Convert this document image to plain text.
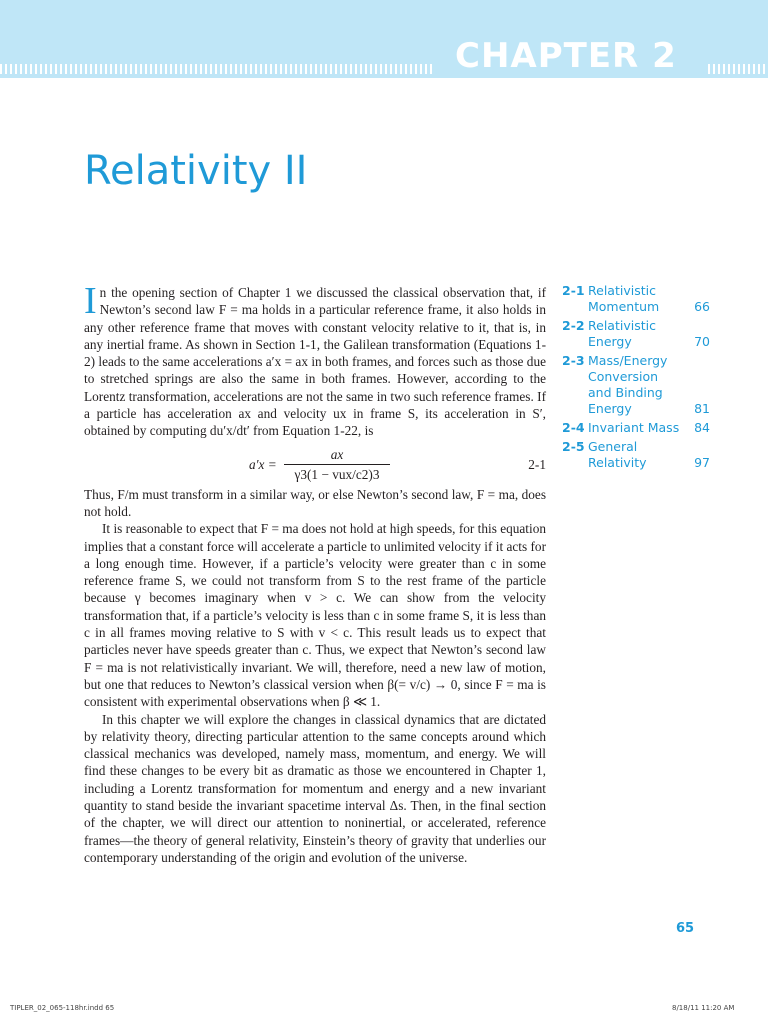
CHAPTER 2
Relativity II
2-1 Relativistic Momentum	66
2-2 Relativistic Energy	70
2-3 Mass/Energy Conversion and Binding Energy	81
2-4 Invariant Mass	84
2-5 General Relativity	97

In the opening section of Chapter 1 we discussed the classical observation that, if Newton’s second law F = ma holds in a particular reference frame, it also holds in any other reference frame that moves with constant velocity relative to it, that is, in any inertial frame. As shown in Section 1-1, the Galilean transformation (Equations 1-2) leads to the same accelerations a′x = ax in both frames, and forces such as those due to stretched springs are also the same in both frames. However, according to the Lorentz transformation, accelerations are not the same in two such reference frames. If a particle has acceleration ax and velocity ux in frame S, its acceleration in S′, obtained by computing du′x/dt′ from Equation 1-22, is

a′x =
ax
γ3(1 − vux/c2)3
2-1

Thus, F/m must transform in a similar way, or else Newton’s second law, F = ma, does not hold.

It is reasonable to expect that F = ma does not hold at high speeds, for this equation implies that a constant force will accelerate a particle to unlimited velocity if it acts for a long enough time. However, if a particle’s velocity were greater than c in some reference frame S, we could not transform from S to the rest frame of the particle because γ becomes imaginary when v > c. We can show from the velocity transformation that, if a particle’s velocity is less than c in some frame S, it is less than c in all frames moving relative to S with v < c. This result leads us to expect that particles never have speeds greater than c. Thus, we expect that Newton’s second law F = ma is not relativistically invariant. We will, therefore, need a new law of motion, but one that reduces to Newton’s classical version when β(= v/c) → 0, since F = ma is consistent with experimental observations when β ≪ 1.

In this chapter we will explore the changes in classical dynamics that are dictated by relativity theory, directing particular attention to the same concepts around which classical mechanics was developed, namely mass, momentum, and energy. We will find these changes to be every bit as dramatic as those we encountered in Chapter 1, including a Lorentz transformation for momentum and energy and a new invariant quantity to stand beside the invariant spacetime interval Δs. Then, in the final section of the chapter, we will direct our attention to noninertial, or accelerated, reference frames—the theory of general relativity, Einstein’s theory of gravity that underlies our contemporary understanding of the origin and evolution of the universe.

65
TIPLER_02_065-118hr.indd 65	8/18/11 11:20 AM
